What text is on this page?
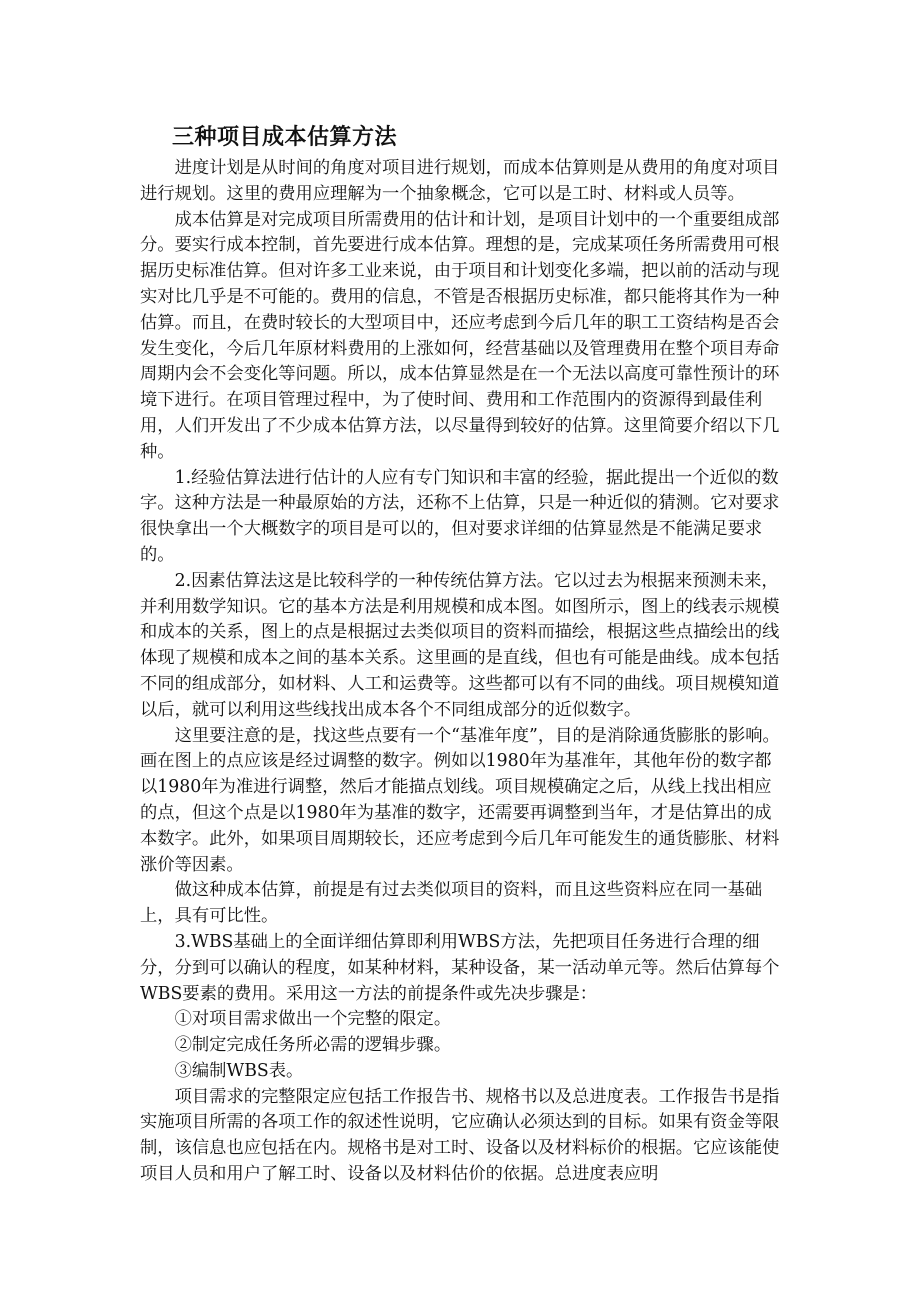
三种项目成本估算方法

进度计划是从时间的角度对项目进行规划，而成本估算则是从费用的角度对项目进行规划。这里的费用应理解为一个抽象概念，它可以是工时、材料或人员等。

成本估算是对完成项目所需费用的估计和计划，是项目计划中的一个重要组成部分。要实行成本控制，首先要进行成本估算。理想的是，完成某项任务所需费用可根据历史标准估算。但对许多工业来说，由于项目和计划变化多端，把以前的活动与现实对比几乎是不可能的。费用的信息，不管是否根据历史标准，都只能将其作为一种估算。而且，在费时较长的大型项目中，还应考虑到今后几年的职工工资结构是否会发生变化，今后几年原材料费用的上涨如何，经营基础以及管理费用在整个项目寿命周期内会不会变化等问题。所以，成本估算显然是在一个无法以高度可靠性预计的环境下进行。在项目管理过程中，为了使时间、费用和工作范围内的资源得到最佳利用，人们开发出了不少成本估算方法，以尽量得到较好的估算。这里简要介绍以下几种。

1.经验估算法进行估计的人应有专门知识和丰富的经验，据此提出一个近似的数字。这种方法是一种最原始的方法，还称不上估算，只是一种近似的猜测。它对要求很快拿出一个大概数字的项目是可以的，但对要求详细的估算显然是不能满足要求的。

2.因素估算法这是比较科学的一种传统估算方法。它以过去为根据来预测未来，并利用数学知识。它的基本方法是利用规模和成本图。如图所示，图上的线表示规模和成本的关系，图上的点是根据过去类似项目的资料而描绘，根据这些点描绘出的线体现了规模和成本之间的基本关系。这里画的是直线，但也有可能是曲线。成本包括不同的组成部分，如材料、人工和运费等。这些都可以有不同的曲线。项目规模知道以后，就可以利用这些线找出成本各个不同组成部分的近似数字。

这里要注意的是，找这些点要有一个“基准年度”，目的是消除通货膨胀的影响。画在图上的点应该是经过调整的数字。例如以1980年为基准年，其他年份的数字都以1980年为准进行调整，然后才能描点划线。项目规模确定之后，从线上找出相应的点，但这个点是以1980年为基准的数字，还需要再调整到当年，才是估算出的成本数字。此外，如果项目周期较长，还应考虑到今后几年可能发生的通货膨胀、材料涨价等因素。

做这种成本估算，前提是有过去类似项目的资料，而且这些资料应在同一基础上，具有可比性。

3.WBS基础上的全面详细估算即利用WBS方法，先把项目任务进行合理的细分，分到可以确认的程度，如某种材料，某种设备，某一活动单元等。然后估算每个WBS要素的费用。采用这一方法的前提条件或先决步骤是：

①对项目需求做出一个完整的限定。

②制定完成任务所必需的逻辑步骤。

③编制WBS表。

项目需求的完整限定应包括工作报告书、规格书以及总进度表。工作报告书是指实施项目所需的各项工作的叙述性说明，它应确认必须达到的目标。如果有资金等限制，该信息也应包括在内。规格书是对工时、设备以及材料标价的根据。它应该能使项目人员和用户了解工时、设备以及材料估价的依据。总进度表应明
